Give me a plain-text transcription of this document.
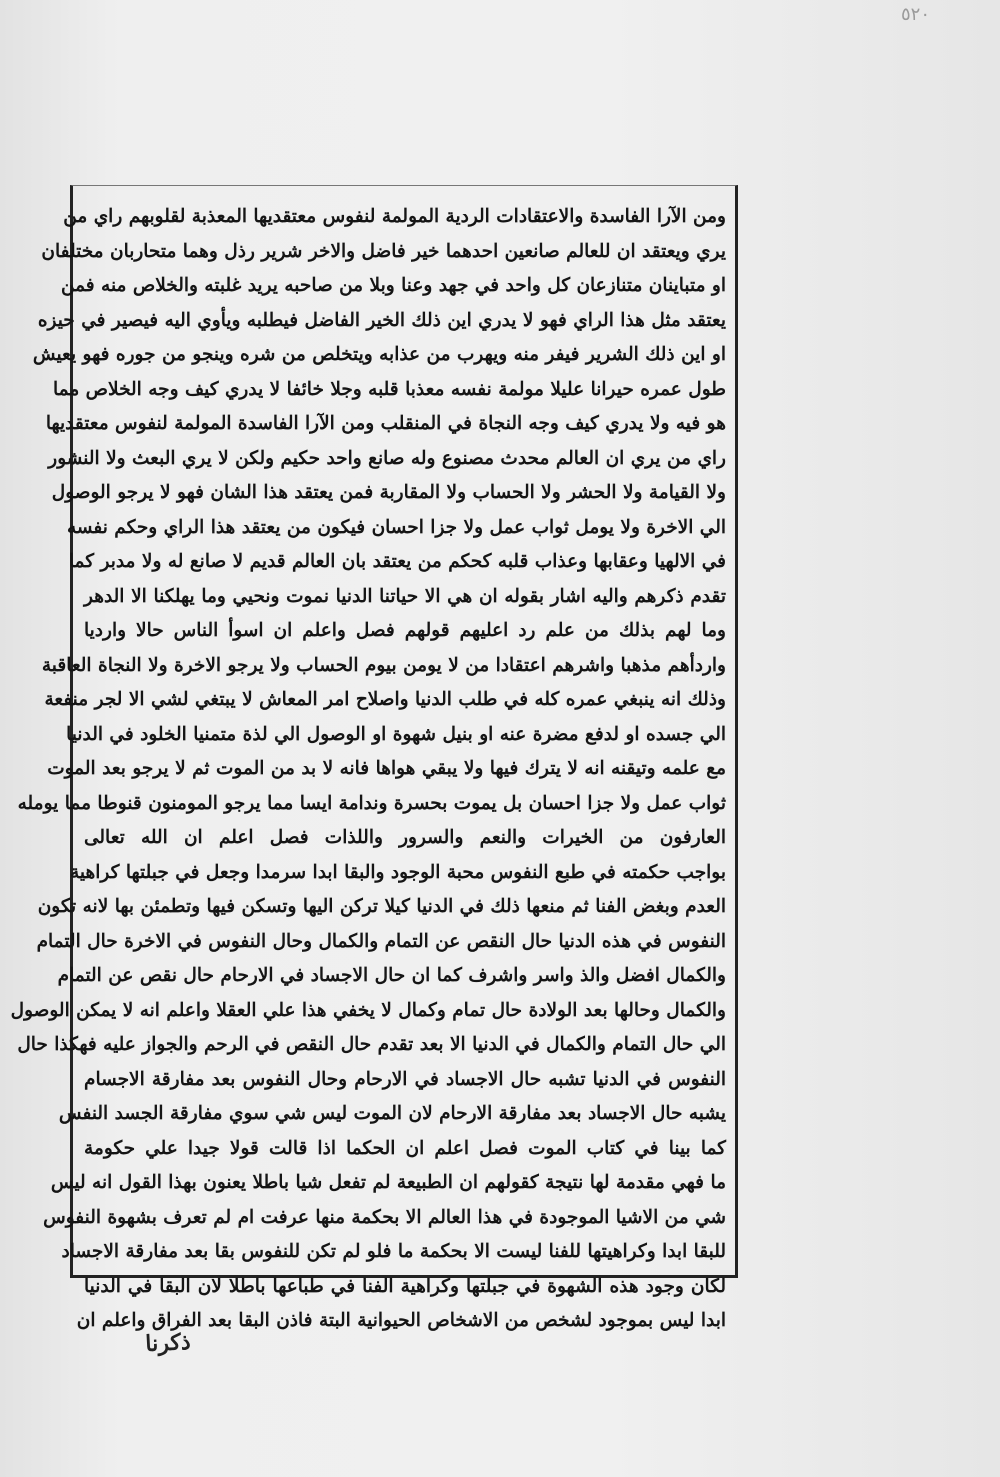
٥٢٠
ومن الآرا الفاسدة والاعتقادات الردية المولمة لنفوس معتقديها المعذبة لقلوبهم راي من
يري ويعتقد ان للعالم صانعين احدهما خير فاضل والاخر شرير رذل وهما متحاربان مختلفان
او متباينان متنازعان كل واحد في جهد وعنا وبلا من صاحبه يريد غلبته والخلاص منه فمن
يعتقد مثل هذا الراي فهو لا يدري اين ذلك الخير الفاضل فيطلبه ويأوي اليه فيصير في حيزه
او اين ذلك الشرير فيفر منه ويهرب من عذابه ويتخلص من شره وينجو من جوره فهو يعيش
طول عمره حيرانا عليلا مولمة نفسه معذبا قلبه وجلا خائفا لا يدري كيف وجه الخلاص مما
هو فيه ولا يدري كيف وجه النجاة في المنقلب ومن الآرا الفاسدة المولمة لنفوس معتقديها
راي من يري ان العالم محدث مصنوع وله صانع واحد حكيم ولكن لا يري البعث ولا النشور
ولا القيامة ولا الحشر ولا الحساب ولا المقاربة فمن يعتقد هذا الشان فهو لا يرجو الوصول
الي الاخرة ولا يومل ثواب عمل ولا جزا احسان فيكون من يعتقد هذا الراي وحكم نفسه
في الالهيا وعقابها وعذاب قلبه كحكم من يعتقد بان العالم قديم لا صانع له ولا مدبر كما
تقدم ذكرهم واليه اشار بقوله ان هي الا حياتنا الدنيا نموت ونحيي وما يهلكنا الا الدهر
وما لهم بذلك من علم رد اعليهم قولهم فصل واعلم ان اسوأ الناس حالا وارديا
واردأهم مذهبا واشرهم اعتقادا من لا يومن بيوم الحساب ولا يرجو الاخرة ولا النجاة العاقبة
وذلك انه ينبغي عمره كله في طلب الدنيا واصلاح امر المعاش لا يبتغي لشي الا لجر منفعة
الي جسده او لدفع مضرة عنه او بنيل شهوة او الوصول الي لذة متمنيا الخلود في الدنيا
مع علمه وتيقنه انه لا يترك فيها ولا يبقي هواها فانه لا بد من الموت ثم لا يرجو بعد الموت
ثواب عمل ولا جزا احسان بل يموت بحسرة وندامة ايسا مما يرجو المومنون قنوطا مما يومله
العارفون من الخيرات والنعم والسرور واللذات فصل اعلم ان الله تعالى
بواجب حكمته في طبع النفوس محبة الوجود والبقا ابدا سرمدا وجعل في جبلتها كراهية
العدم وبغض الفنا ثم منعها ذلك في الدنيا كيلا تركن اليها وتسكن فيها وتطمئن بها لانه تكون
النفوس في هذه الدنيا حال النقص عن التمام والكمال وحال النفوس في الاخرة حال التمام
والكمال افضل والذ واسر واشرف كما ان حال الاجساد في الارحام حال نقص عن التمام
والكمال وحالها بعد الولادة حال تمام وكمال لا يخفي هذا علي العقلا واعلم انه لا يمكن الوصول
الي حال التمام والكمال في الدنيا الا بعد تقدم حال النقص في الرحم والجواز عليه فهكذا حال
النفوس في الدنيا تشبه حال الاجساد في الارحام وحال النفوس بعد مفارقة الاجسام
يشبه حال الاجساد بعد مفارقة الارحام لان الموت ليس شي سوي مفارقة الجسد النفس
كما بينا في كتاب الموت فصل اعلم ان الحكما اذا قالت قولا جيدا علي حكومة
ما فهي مقدمة لها نتيجة كقولهم ان الطبيعة لم تفعل شيا باطلا يعنون بهذا القول انه ليس
شي من الاشيا الموجودة في هذا العالم الا بحكمة منها عرفت ام لم تعرف بشهوة النفوس
للبقا ابدا وكراهيتها للفنا ليست الا بحكمة ما فلو لم تكن للنفوس بقا بعد مفارقة الاجساد
لكان وجود هذه الشهوة في جبلتها وكراهية الفنا في طباعها باطلا لان البقا في الدنيا
ابدا ليس بموجود لشخص من الاشخاص الحيوانية البتة فاذن البقا بعد الفراق واعلم ان
ذكرنا
